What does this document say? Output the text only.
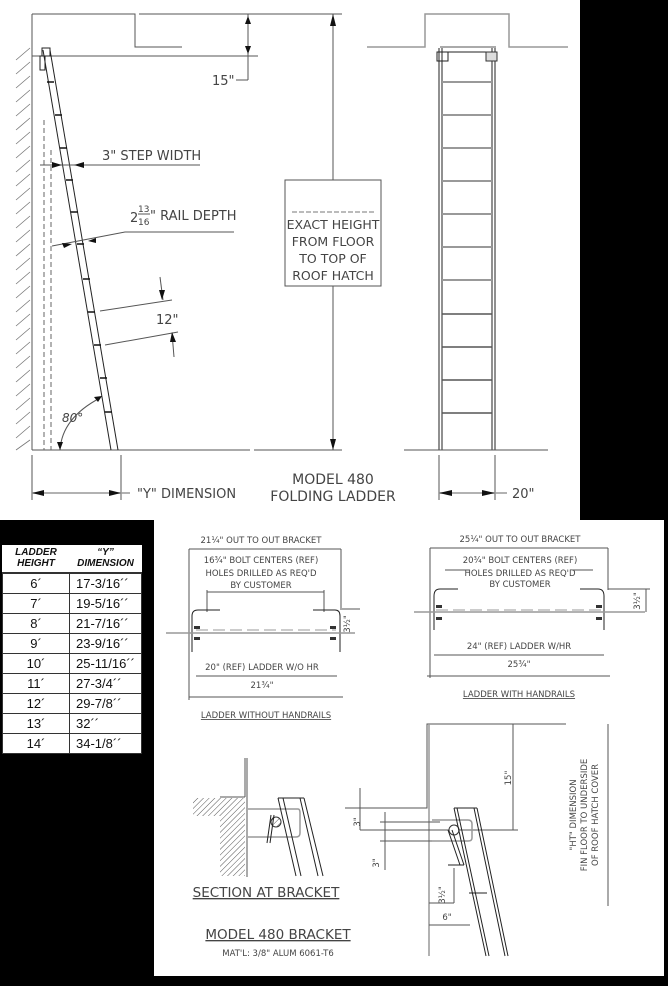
15"
3" STEP WIDTH
2
13
16 " RAIL DEPTH
12"
80°
"Y" DIMENSION
EXACT HEIGHT
FROM FLOOR
TO TOP OF
ROOF HATCH
MODEL 480
FOLDING LADDER	20"
21¼" OUT TO OUT BRACKET
16¾" BOLT CENTERS (REF)
HOLES DRILLED AS REQ'D
BY CUSTOMER
3½"
20" (REF) LADDER W/O HR
21¾"
LADDER WITHOUT HANDRAILS
25¼" OUT TO OUT BRACKET
20¾" BOLT CENTERS (REF)
HOLES DRILLED AS REQ'D
BY CUSTOMER
3½"
24" (REF) LADDER W/HR
25¾"
LADDER WITH HANDRAILS
SECTION AT BRACKET
MODEL 480 BRACKET
MAT'L: 3/8" ALUM 6061-T6
3"
3"
15"
3½"
6"
"HT" DIMENSION FIN FLOOR TO UNDERSIDE OF ROOF HATCH COVER
LADDER
HEIGHT	“Y”
DIMENSION
6´	17-3/16´´
7´	19-5/16´´
8´	21-7/16´´
9´	23-9/16´´
10´	25-11/16´´
11´	27-3/4´´
12´	29-7/8´´
13´	32´´
14´	34-1/8´´
